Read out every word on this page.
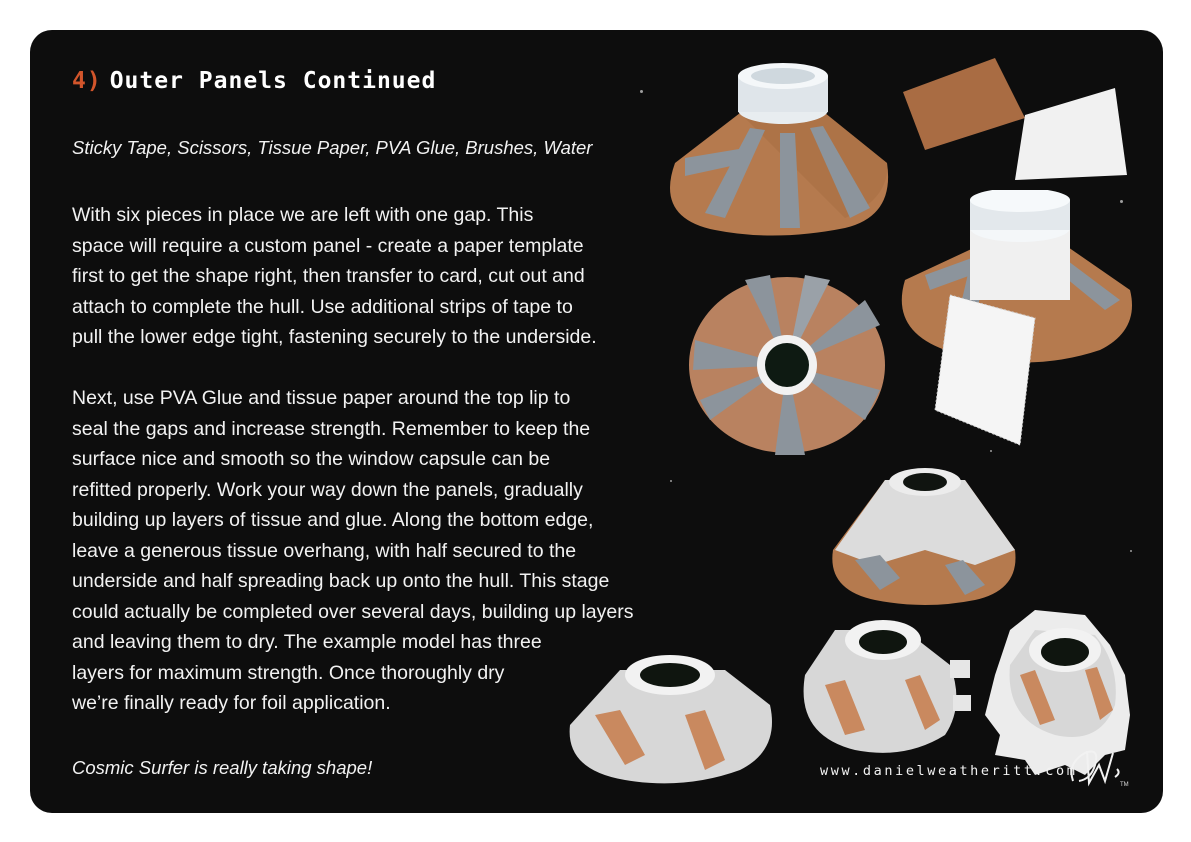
4) Outer Panels Continued

Sticky Tape, Scissors, Tissue Paper, PVA Glue, Brushes, Water

With six pieces in place we are left with one gap. This
space will require a custom panel - create a paper template
first to get the shape right, then transfer to card, cut out and
attach to complete the hull. Use additional strips of tape to
pull the lower edge tight, fastening securely to the underside.
Next, use PVA Glue and tissue paper around the top lip to
seal the gaps and increase strength. Remember to keep the
surface nice and smooth so the window capsule can be
refitted properly. Work your way down the panels, gradually
building up layers of tissue and glue. Along the bottom edge,
leave a generous tissue overhang, with half secured to the
underside and half spreading back up onto the hull. This stage
could actually be completed over several days, building up layers
and leaving them to dry. The example model has three
layers for maximum strength. Once thoroughly dry
we’re finally ready for foil application.

Cosmic Surfer is really taking shape!	www.danielweatheritt.com

TM
